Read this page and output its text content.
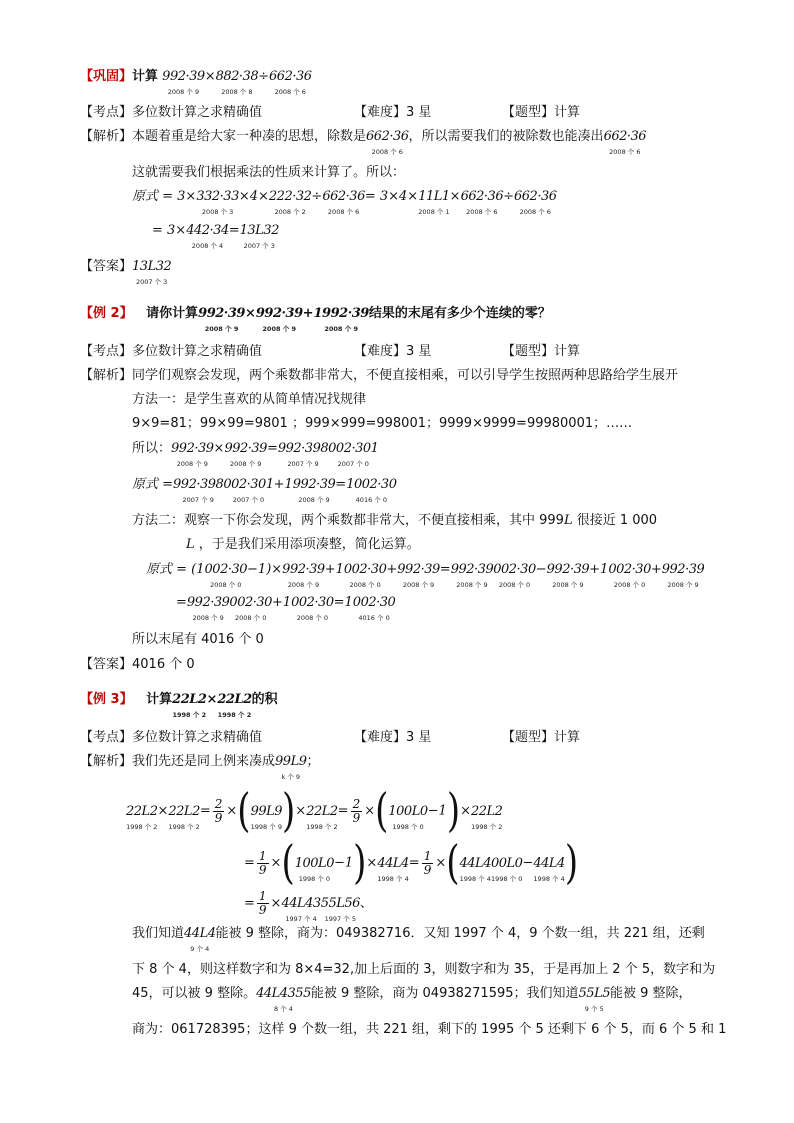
【巩固】计算 992·39
2008 个 9
×882·38
2008 个 8
÷662·36
2008 个 6
【考点】多位数计算之求精确值	【难度】3 星	【题型】计算
【解析】本题着重是给大家一种凑的思想，除数是662·36
2008 个 6
，所以需要我们的被除数也能凑出662·36
2008 个 6
这就需要我们根据乘法的性质来计算了。所以：
原式 = 3×332·33
2008 个 3
×4×222·32
2008 个 2
÷662·36
2008 个 6
= 3×4×11L1
2008 个 1
×662·36
2008 个 6
÷662·36
2008 个 6
= 3×442·34
2008 个 4
=13L32
2007 个 3
【答案】13L32
2007 个 3
【例 2】 请你计算992·39
2008 个 9
×992·39
2008 个 9
+1992·39
2008 个 9
结果的末尾有多少个连续的零？
【考点】多位数计算之求精确值	【难度】3 星	【题型】计算
【解析】同学们观察会发现，两个乘数都非常大，不便直接相乘，可以引导学生按照两种思路给学生展开
方法一：是学生喜欢的从简单情况找规律
9×9=81；99×99=9801 ；999×999=998001；9999×9999=99980001；……
所以：992·39
2008 个 9
×992·39
2008 个 9
=992·398
2007 个 9
002·301
2007 个 0
原式 =992·398
2007 个 9
002·301
2007 个 0
+1992·39
2008 个 9
=1002·30
4016 个 0
方法二：观察一下你会发现，两个乘数都非常大，不便直接相乘，其中 999L 很接近 1 000
L ，于是我们采用添项凑整，简化运算。
原式 = (1002·30
2008 个 0
−1)×992·39
2008 个 9
+1002·30
2008 个 0
+992·39
2008 个 9
=992·39
2008 个 9
002·30
2008 个 0
−992·39
2008 个 9
+1002·30
2008 个 0
+992·39
2008 个 9
=992·39
2008 个 9
002·30
2008 个 0
+1002·30
2008 个 0
=1002·30
4016 个 0
所以末尾有 4016 个 0
【答案】4016 个 0
【例 3】 计算22L2
1998 个 2
×22L2
1998 个 2
的积
【考点】多位数计算之求精确值	【难度】3 星	【题型】计算
【解析】我们先还是同上例来凑成99L9
k 个 9
；
22L2
1998 个 2
×22L2
1998 个 2
= $\frac{2}{9} \times(99L9$
1998 个 9 )×22L2
1998 个 2
= $\frac{2}{9} \times(100L0$
1998 个 0
−1)×22L2
1998 个 2
= $\frac{1}{9} \times(100L0$
1998 个 0
−1)×44L4
1998 个 4
= $\frac{1}{9} \times(44L4$
1998 个 4
00L0
1998 个 0
−44L4
1998 个 4 )
= $\frac{1}{9} \times 44L43$
1997 个 4
55L56
1997 个 5
、
我们知道44L4
9 个 4
能被 9 整除，商为：049382716．又知 1997 个 4，9 个数一组，共 221 组，还剩
下 8 个 4，则这样数字和为 8×4=32,加上后面的 3，则数字和为 35，于是再加上 2 个 5，数字和为
45，可以被 9 整除。44L4355
8 个 4
能被 9 整除，商为 04938271595；我们知道55L5
9 个 5
能被 9 整除，
商为：061728395；这样 9 个数一组，共 221 组，剩下的 1995 个 5 还剩下 6 个 5，而 6 个 5 和 1
